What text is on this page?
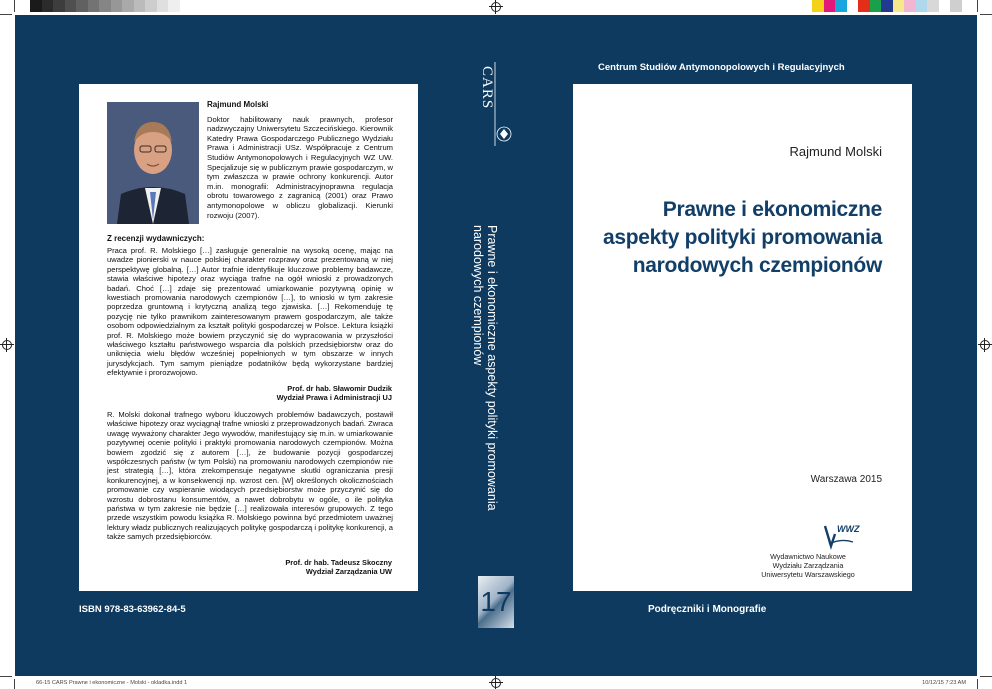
Rajmund Molski
Doktor habilitowany nauk prawnych, profesor nadzwyczajny Uniwersytetu Szczecińskiego. Kierownik Katedry Prawa Gospodarczego Publicznego Wydziału Prawa i Administracji USz. Współpracuje z Centrum Studiów Antymonopolowych i Regulacyjnych WZ UW. Specjalizuje się w publicznym prawie gospodarczym, w tym zwłaszcza w prawie ochrony konkurencji. Autor m.in. monografii: Administracyjnoprawna regulacja obrotu towarowego z zagranicą (2001) oraz Prawo antymonopolowe w obliczu globalizacji. Kierunki rozwoju (2007).
Z recenzji wydawniczych:
Praca prof. R. Molskiego […] zasługuje generalnie na wysoką ocenę, mając na uwadze pionierski w nauce polskiej charakter rozprawy oraz prezentowaną w niej perspektywę globalną. […] Autor trafnie identyfikuje kluczowe problemy badawcze, stawia właściwe hipotezy oraz wyciąga trafne na ogół wnioski z prowadzonych badań. Choć […] zdaje się prezentować umiarkowanie pozytywną opinię w kwestiach promowania narodowych czempionów […], to wnioski w tym zakresie poprzedza gruntowną i krytyczną analizą tego zjawiska. […] Rekomenduję tę pozycję nie tylko prawnikom zainteresowanym prawem gospodarczym, ale także osobom odpowiedzialnym za kształt polityki gospodarczej w Polsce. Lektura książki prof. R. Molskiego może bowiem przyczynić się do wypracowania w przyszłości właściwego kształtu państwowego wsparcia dla polskich przedsiębiorstw oraz do uniknięcia wielu błędów wcześniej popełnionych w tym obszarze w innych jurysdykcjach. Tym samym pieniądze podatników będą wykorzystane bardziej efektywnie i prorozwojowo.
Prof. dr hab. Sławomir Dudzik
Wydział Prawa i Administracji UJ
R. Molski dokonał trafnego wyboru kluczowych problemów badawczych, postawił właściwe hipotezy oraz wyciągnął trafne wnioski z przeprowadzonych badań. Zwraca uwagę wyważony charakter Jego wywodów, manifestujący się m.in. w umiarkowanie pozytywnej ocenie polityki i praktyki promowania narodowych czempionów. Można bowiem zgodzić się z autorem […], że budowanie pozycji gospodarczej współczesnych państw (w tym Polski) na promowaniu narodowych czempionów nie jest strategią […], która zrekompensuje negatywne skutki ograniczania presji konkurencyjnej, a w konsekwencji np. wzrost cen. [W] określonych okolicznościach promowanie czy wspieranie wiodących przedsiębiorstw może przyczynić się do wzrostu dobrostanu konsumentów, a nawet dobrobytu w ogóle, o ile polityka państwa w tym zakresie nie będzie […] realizowała interesów grupowych. Z tego przede wszystkim powodu książka R. Molskiego powinna być przedmiotem uważnej lektury władz publicznych realizujących politykę gospodarczą i politykę konkurencji, a także samych przedsiębiorców.
Prof. dr hab. Tadeusz Skoczny
Wydział Zarządzania UW
ISBN 978-83-63962-84-5
CARS
Prawne i ekonomiczne aspekty polityki promowania
narodowych czempionów
17
Centrum Studiów Antymonopolowych i Regulacyjnych
Rajmund Molski
Prawne i ekonomiczne
aspekty polityki promowania
narodowych czempionów
Warszawa 2015
WWZ
Wydawnictwo Naukowe
Wydziału Zarządzania
Uniwersytetu Warszawskiego
Podręczniki i Monografie
66-15 CARS Prawne i ekonomiczne - Molski - okladka.indd 1	10/12/15 7:23 AM
